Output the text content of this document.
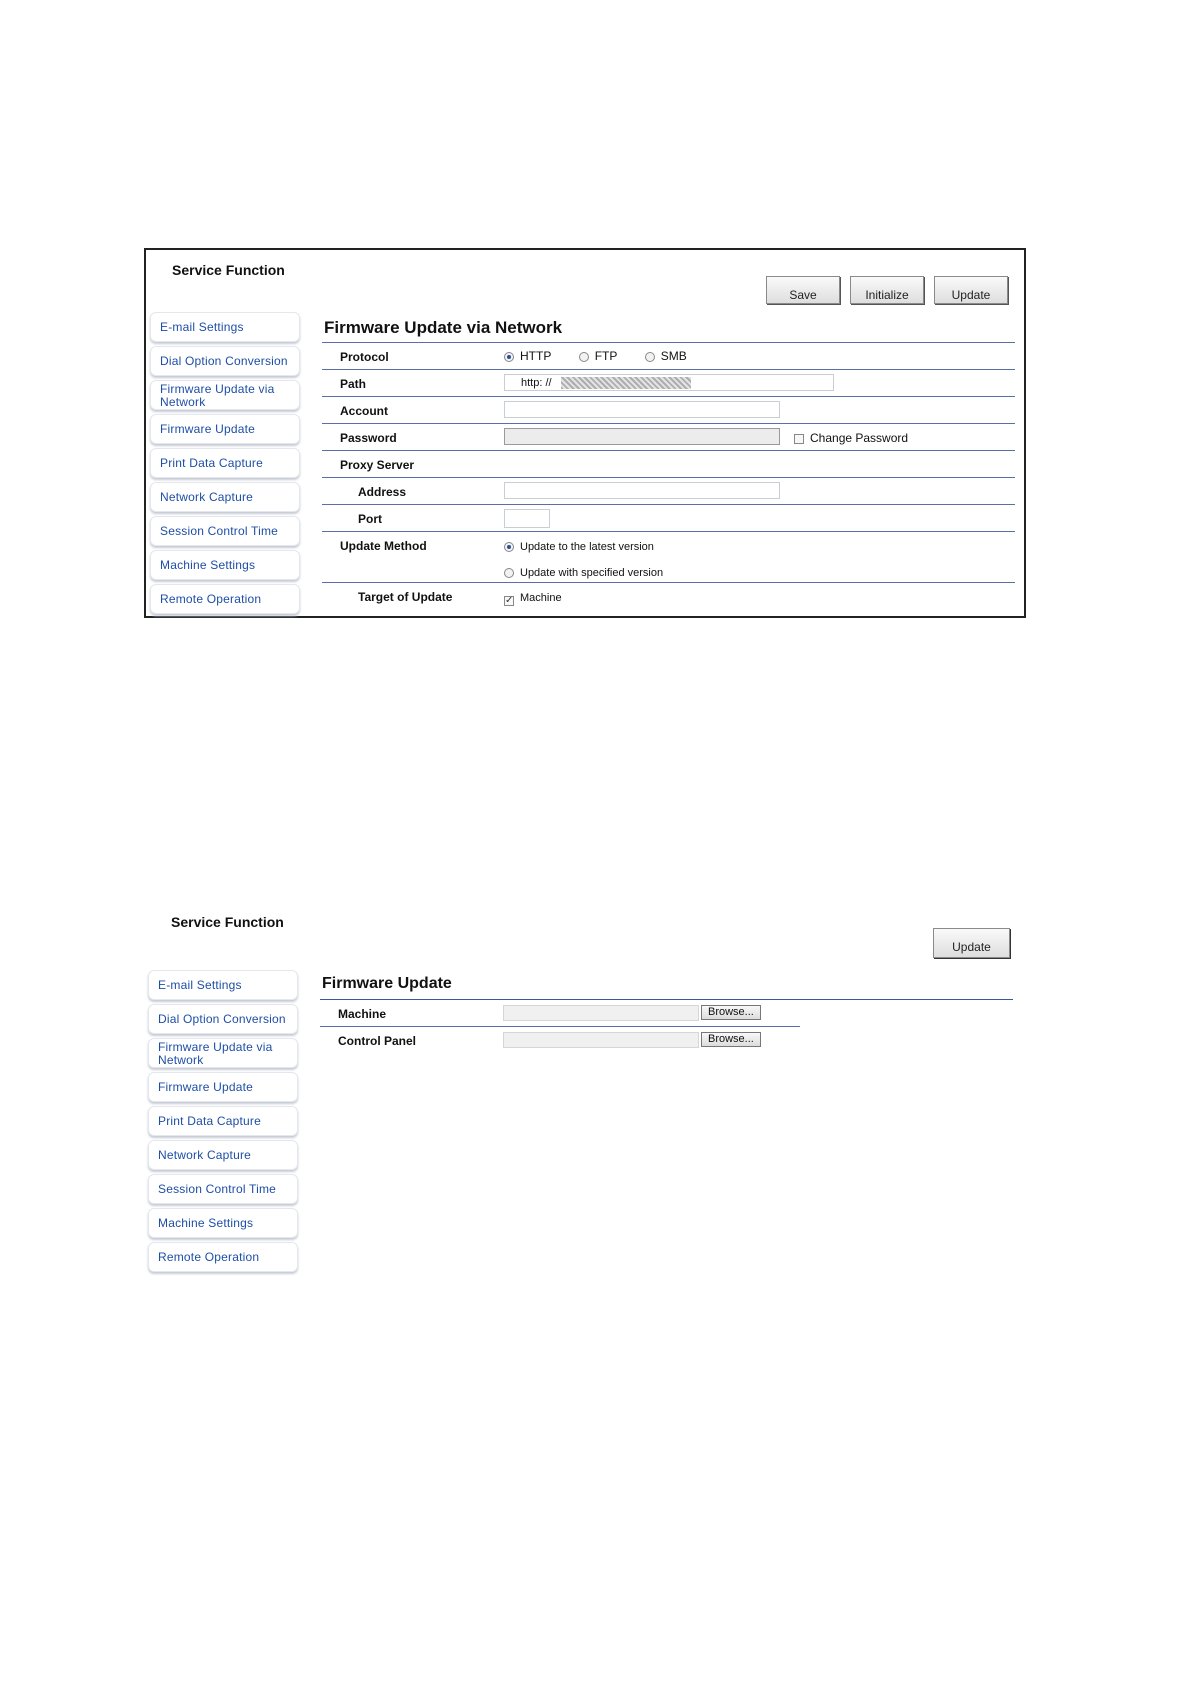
Service Function
Save	Initialize	Update
E-mail Settings
Dial Option Conversion
Firmware Update via Network
Firmware Update
Print Data Capture
Network Capture
Session Control Time
Machine Settings
Remote Operation
Firmware Update via Network
Protocol	HTTP	FTP	SMB
Path	http: //
Account
Password	Change Password
Proxy Server
Address
Port
Update Method	Update to the latest version
Update with specified version
Target of Update	✓ Machine
Service Function
Update
E-mail Settings
Dial Option Conversion
Firmware Update via Network
Firmware Update
Print Data Capture
Network Capture
Session Control Time
Machine Settings
Remote Operation
Firmware Update
Machine	Browse...
Control Panel	Browse...
